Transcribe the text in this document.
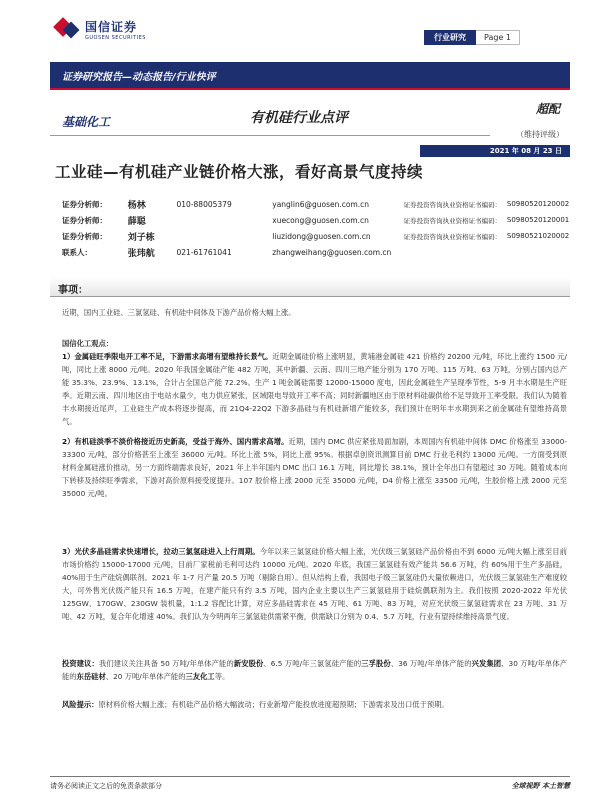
国信证券
GUOSEN SECURITIES	行业研究	Page 1
证券研究报告—动态报告/行业快评
基础化工	有机硅行业点评
超配
（维持评级）
2021 年 08 月 23 日
工业硅—有机硅产业链价格大涨，看好高景气度持续
证券分析师：	杨林	010-88005379	yanglin6@guosen.com.cn	证券投资咨询执业资格证书编码： S0980520120002
证券分析师：	薛聪	xuecong@guosen.com.cn	证券投资咨询执业资格证书编码： S0980520120001
证券分析师：	刘子栋	liuzidong@guosen.com.cn	证券投资咨询执业资格证书编码： S0980521020002
联系人：	张玮航	021-61761041	zhangweihang@guosen.com.cn
事项：
近期，国内工业硅、三氯氢硅、有机硅中间体及下游产品价格大幅上涨。
国信化工观点：
1）金属硅旺季限电开工率不足，下游需求高增有望维持长景气。近期金属硅价格上涨明显，黄埔港金属硅 421 价格约 20200 元/吨，环比上涨约 1500 元/吨，同比上涨 8000 元/吨。2020 年我国金属硅产能 482 万吨，其中新疆、云南、四川三地产能分别为 170 万吨、115 万吨、63 万吨，分别占国内总产能 35.3%、23.9%、13.1%，合计占全国总产能 72.2%。生产 1 吨金属硅需要 12000-15000 度电，因此金属硅生产呈现季节性，5-9 月丰水期是生产旺季。近期云南、四川地区由于电站水量少，电力供应紧张，区域限电导致开工率不高；同时新疆地区由于原材料硅碳供给不足导致开工率受限。我们认为随着丰水期接近尾声，工业硅生产成本将逐步提高，而 21Q4-22Q2 下游多晶硅与有机硅新增产能较多，我们预计在明年丰水期到来之前金属硅有望维持高景气。
2）有机硅淡季不淡价格接近历史新高，受益于海外、国内需求高增。近期，国内 DMC 供应紧张局面加剧，本周国内有机硅中间体 DMC 价格涨至 33000-33300 元/吨，部分价格甚至上涨至 36000 元/吨。环比上涨 5%，同比上涨 95%。根据卓创资讯测算目前 DMC 行业毛利约 13000 元/吨。一方面受到原材料金属硅涨价推动，另一方面终端需求良好，2021 年上半年国内 DMC 出口 16.1 万吨，同比增长 38.1%，预计全年出口有望超过 30 万吨。随着成本向下转移及持续旺季需求，下游对高价原料接受度提升。107 胶价格上涨 2000 元至 35000 元/吨，D4 价格上涨至 33500 元/吨，生胶价格上涨 2000 元至 35000 元/吨。
3）光伏多晶硅需求快速增长，拉动三氯氢硅进入上行周期。今年以来三氯氢硅价格大幅上涨，光伏级三氯氢硅产品价格由不到 6000 元/吨大幅上涨至目前市场价格约 15000-17000 元/吨，目前厂家税前毛利可达约 10000 元/吨。2020 年底，我国三氯氢硅有效产能共 56.6 万吨，约 60%用于生产多晶硅，40%用于生产硅烷偶联剂。2021 年 1-7 月产量 20.5 万吨（剔除自用）。但从结构上看，我国电子级三氯氢硅仍大量依赖进口，光伏级三氯氢硅生产难度较大，可外售光伏级产能只有 16.5 万吨，在建产能只有约 3.5 万吨，国内企业主要以生产三氯氢硅用于硅烷偶联剂为主。我们按照 2020-2022 年光伏 125GW、170GW、230GW 装机量，1:1.2 容配比计算，对应多晶硅需求在 45 万吨、61 万吨、83 万吨，对应光伏级三氯氢硅需求在 23 万吨、31 万吨、42 万吨，复合年化增速 40%。我们认为今明两年三氯氢硅供需紧平衡，供需缺口分别为 0.4、5.7 万吨，行业有望持续维持高景气度。
投资建议：我们建议关注具备 50 万吨/年单体产能的新安股份、6.5 万吨/年三氯氢硅产能的三孚股份、36 万吨/年单体产能的兴发集团、30 万吨/年单体产能的东岳硅材、20 万吨/年单体产能的三友化工等。
风险提示：原材料价格大幅上涨；有机硅产品价格大幅波动；行业新增产能投放进度超预期；下游需求及出口低于预期。
请务必阅读正文之后的免责条款部分	全球视野 本土智慧
